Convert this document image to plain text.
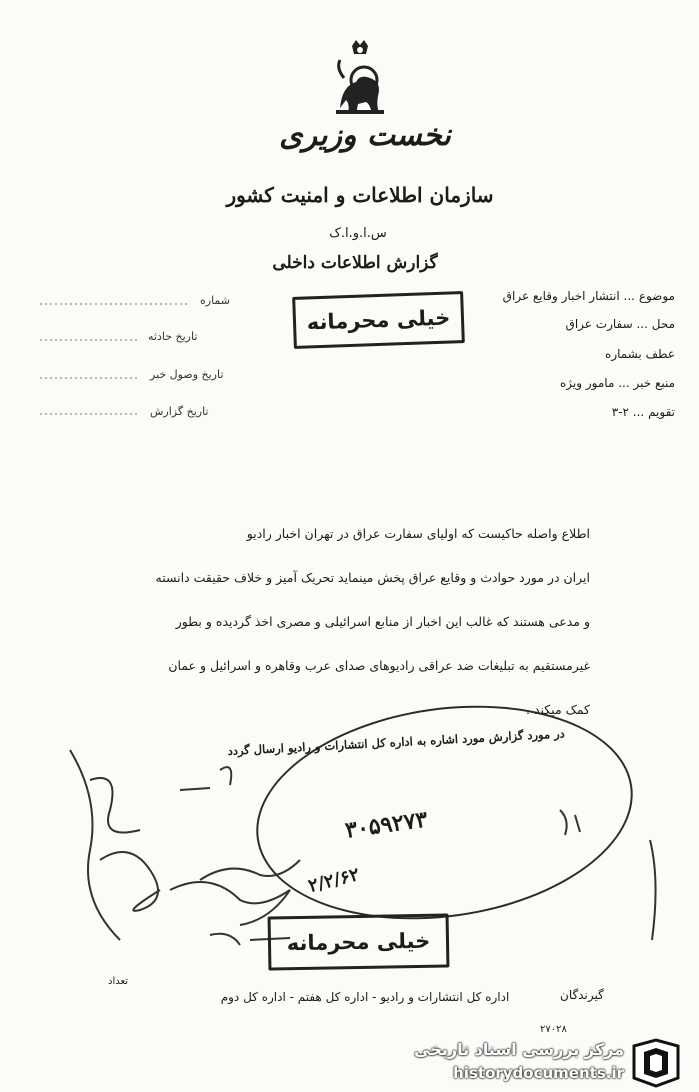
نخست وزیری
سازمان اطلاعات و امنیت کشور
س.ا.و.ا.ک
گزارش اطلاعات داخلی
موضوع ... انتشار اخبار وقایع عراق
محل ... سفارت عراق
عطف بشماره
منبع خبر ... مامور ویژه
تقویم ... ۲-۳
شماره
تاریخ حادثه
تاریخ وصول خبر
تاریخ گزارش
خیلی محرمانه

اطلاع واصله حاکیست که اولیای سفارت عراق در تهران اخبار رادیو

ایران در مورد حوادث و وقایع عراق پخش مینماید تحریک آمیز و خلاف حقیقت دانسته

و مدعی هستند که غالب این اخبار از منابع اسرائیلی و مصری اخذ گردیده و بطور

غیرمستقیم به تبلیغات ضد عراقی رادیوهای صدای عرب وقاهره و اسرائیل و عمان

کمک میکند .

در مورد گزارش مورد اشاره به اداره کل انتشارات و رادیو ارسال گردد
۳۰۵۹۲۷۳
۲/۲/۶۲
خیلی محرمانه
گیرندگان
تعداد
اداره کل انتشارات و رادیو - اداره کل هفتم - اداره کل دوم
۲۷۰۲۸
مرکز بررسی اسناد تاریخی
historydocuments.ir
